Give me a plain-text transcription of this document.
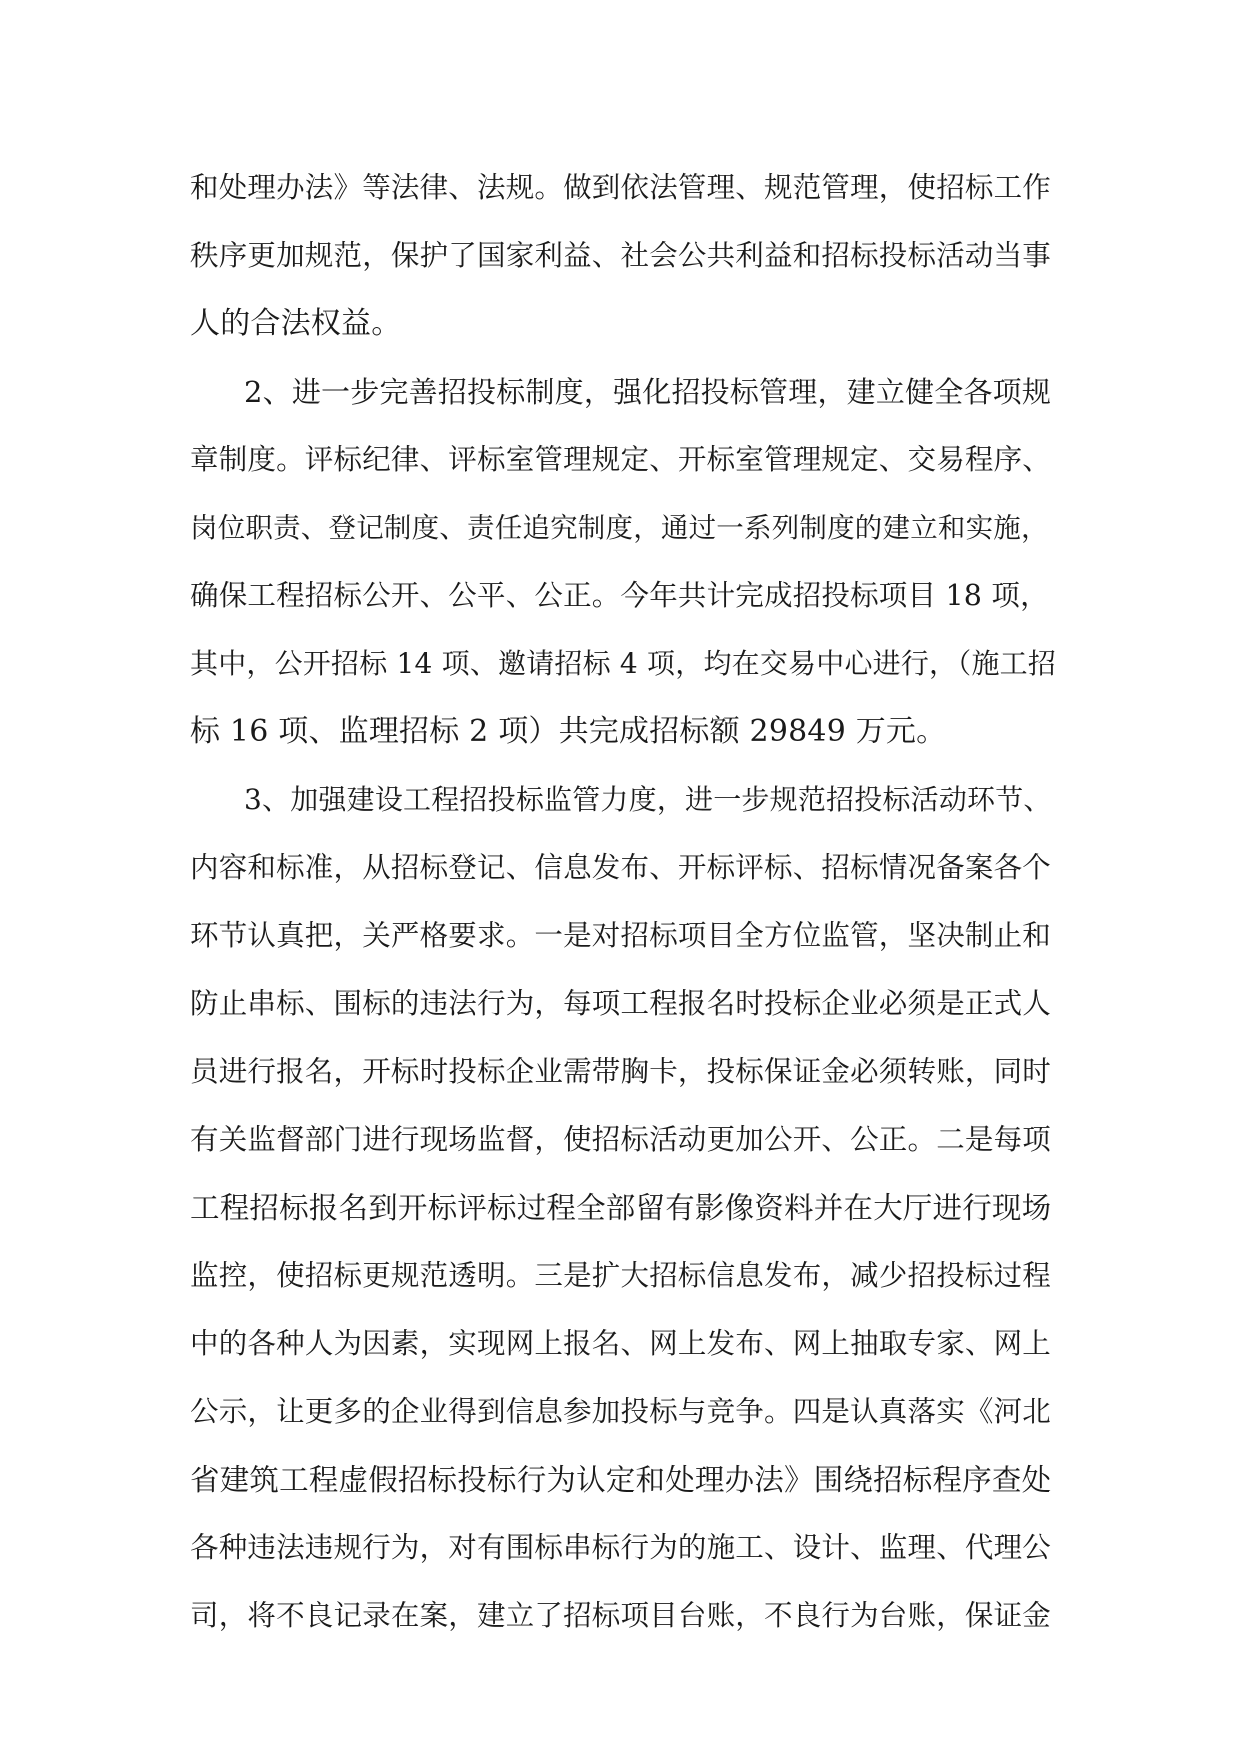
和处理办法》等法律、法规。做到依法管理、规范管理，使招标工作
秩序更加规范，保护了国家利益、社会公共利益和招标投标活动当事
人的合法权益。

2、进一步完善招投标制度，强化招投标管理，建立健全各项规
章制度。评标纪律、评标室管理规定、开标室管理规定、交易程序、
岗位职责、登记制度、责任追究制度，通过一系列制度的建立和实施，
确保工程招标公开、公平、公正。今年共计完成招投标项目 18 项，
其中，公开招标 14 项、邀请招标 4 项，均在交易中心进行，（施工招
标 16 项、监理招标 2 项）共完成招标额 29849 万元。

3、加强建设工程招投标监管力度，进一步规范招投标活动环节、
内容和标准，从招标登记、信息发布、开标评标、招标情况备案各个
环节认真把，关严格要求。一是对招标项目全方位监管，坚决制止和
防止串标、围标的违法行为，每项工程报名时投标企业必须是正式人
员进行报名，开标时投标企业需带胸卡，投标保证金必须转账，同时
有关监督部门进行现场监督，使招标活动更加公开、公正。二是每项
工程招标报名到开标评标过程全部留有影像资料并在大厅进行现场
监控，使招标更规范透明。三是扩大招标信息发布，减少招投标过程
中的各种人为因素，实现网上报名、网上发布、网上抽取专家、网上
公示，让更多的企业得到信息参加投标与竞争。四是认真落实《河北
省建筑工程虚假招标投标行为认定和处理办法》围绕招标程序查处
各种违法违规行为，对有围标串标行为的施工、设计、监理、代理公
司，将不良记录在案，建立了招标项目台账，不良行为台账，保证金
